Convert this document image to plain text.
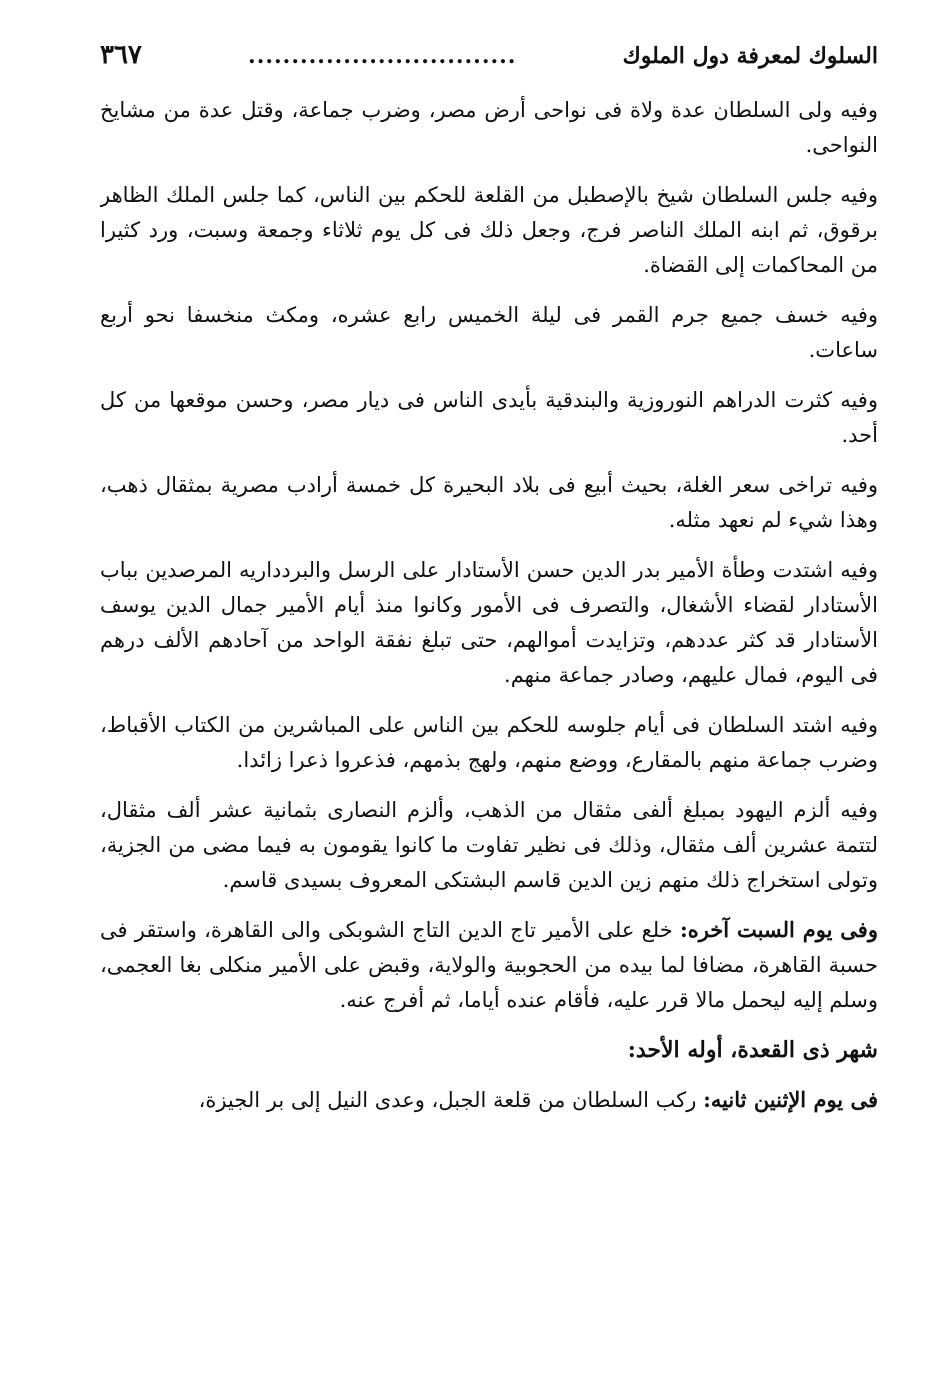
السلوك لمعرفة دول الملوك
...............................
٣٦٧

وفيه ولى السلطان عدة ولاة فى نواحى أرض مصر، وضرب جماعة، وقتل عدة من مشايخ النواحى.

وفيه جلس السلطان شيخ بالإصطبل من القلعة للحكم بين الناس، كما جلس الملك الظاهر برقوق، ثم ابنه الملك الناصر فرج، وجعل ذلك فى كل يوم ثلاثاء وجمعة وسبت، ورد كثيرا من المحاكمات إلى القضاة.

وفيه خسف جميع جرم القمر فى ليلة الخميس رابع عشره، ومكث منخسفا نحو أربع ساعات.

وفيه كثرت الدراهم النوروزية والبندقية بأيدى الناس فى ديار مصر، وحسن موقعها من كل أحد.

وفيه تراخى سعر الغلة، بحيث أبيع فى بلاد البحيرة كل خمسة أرادب مصرية بمثقال ذهب، وهذا شيء لم نعهد مثله.

وفيه اشتدت وطأة الأمير بدر الدين حسن الأستادار على الرسل والبردداريه المرصدين بباب الأستادار لقضاء الأشغال، والتصرف فى الأمور وكانوا منذ أيام الأمير جمال الدين يوسف الأستادار قد كثر عددهم، وتزايدت أموالهم، حتى تبلغ نفقة الواحد من آحادهم الألف درهم فى اليوم، فمال عليهم، وصادر جماعة منهم.

وفيه اشتد السلطان فى أيام جلوسه للحكم بين الناس على المباشرين من الكتاب الأقباط، وضرب جماعة منهم بالمقارع، ووضع منهم، ولهج بذمهم، فذعروا ذعرا زائدا.

وفيه ألزم اليهود بمبلغ ألفى مثقال من الذهب، وألزم النصارى بثمانية عشر ألف مثقال، لتتمة عشرين ألف مثقال، وذلك فى نظير تفاوت ما كانوا يقومون به فيما مضى من الجزية، وتولى استخراج ذلك منهم زين الدين قاسم البشتكى المعروف بسيدى قاسم.

وفى يوم السبت آخره: خلع على الأمير تاج الدين التاج الشوبكى والى القاهرة، واستقر فى حسبة القاهرة، مضافا لما بيده من الحجوبية والولاية، وقبض على الأمير منكلى بغا العجمى، وسلم إليه ليحمل مالا قرر عليه، فأقام عنده أياما، ثم أفرج عنه.

شهر ذى القعدة، أوله الأحد:

فى يوم الإثنين ثانيه: ركب السلطان من قلعة الجبل، وعدى النيل إلى بر الجيزة،
